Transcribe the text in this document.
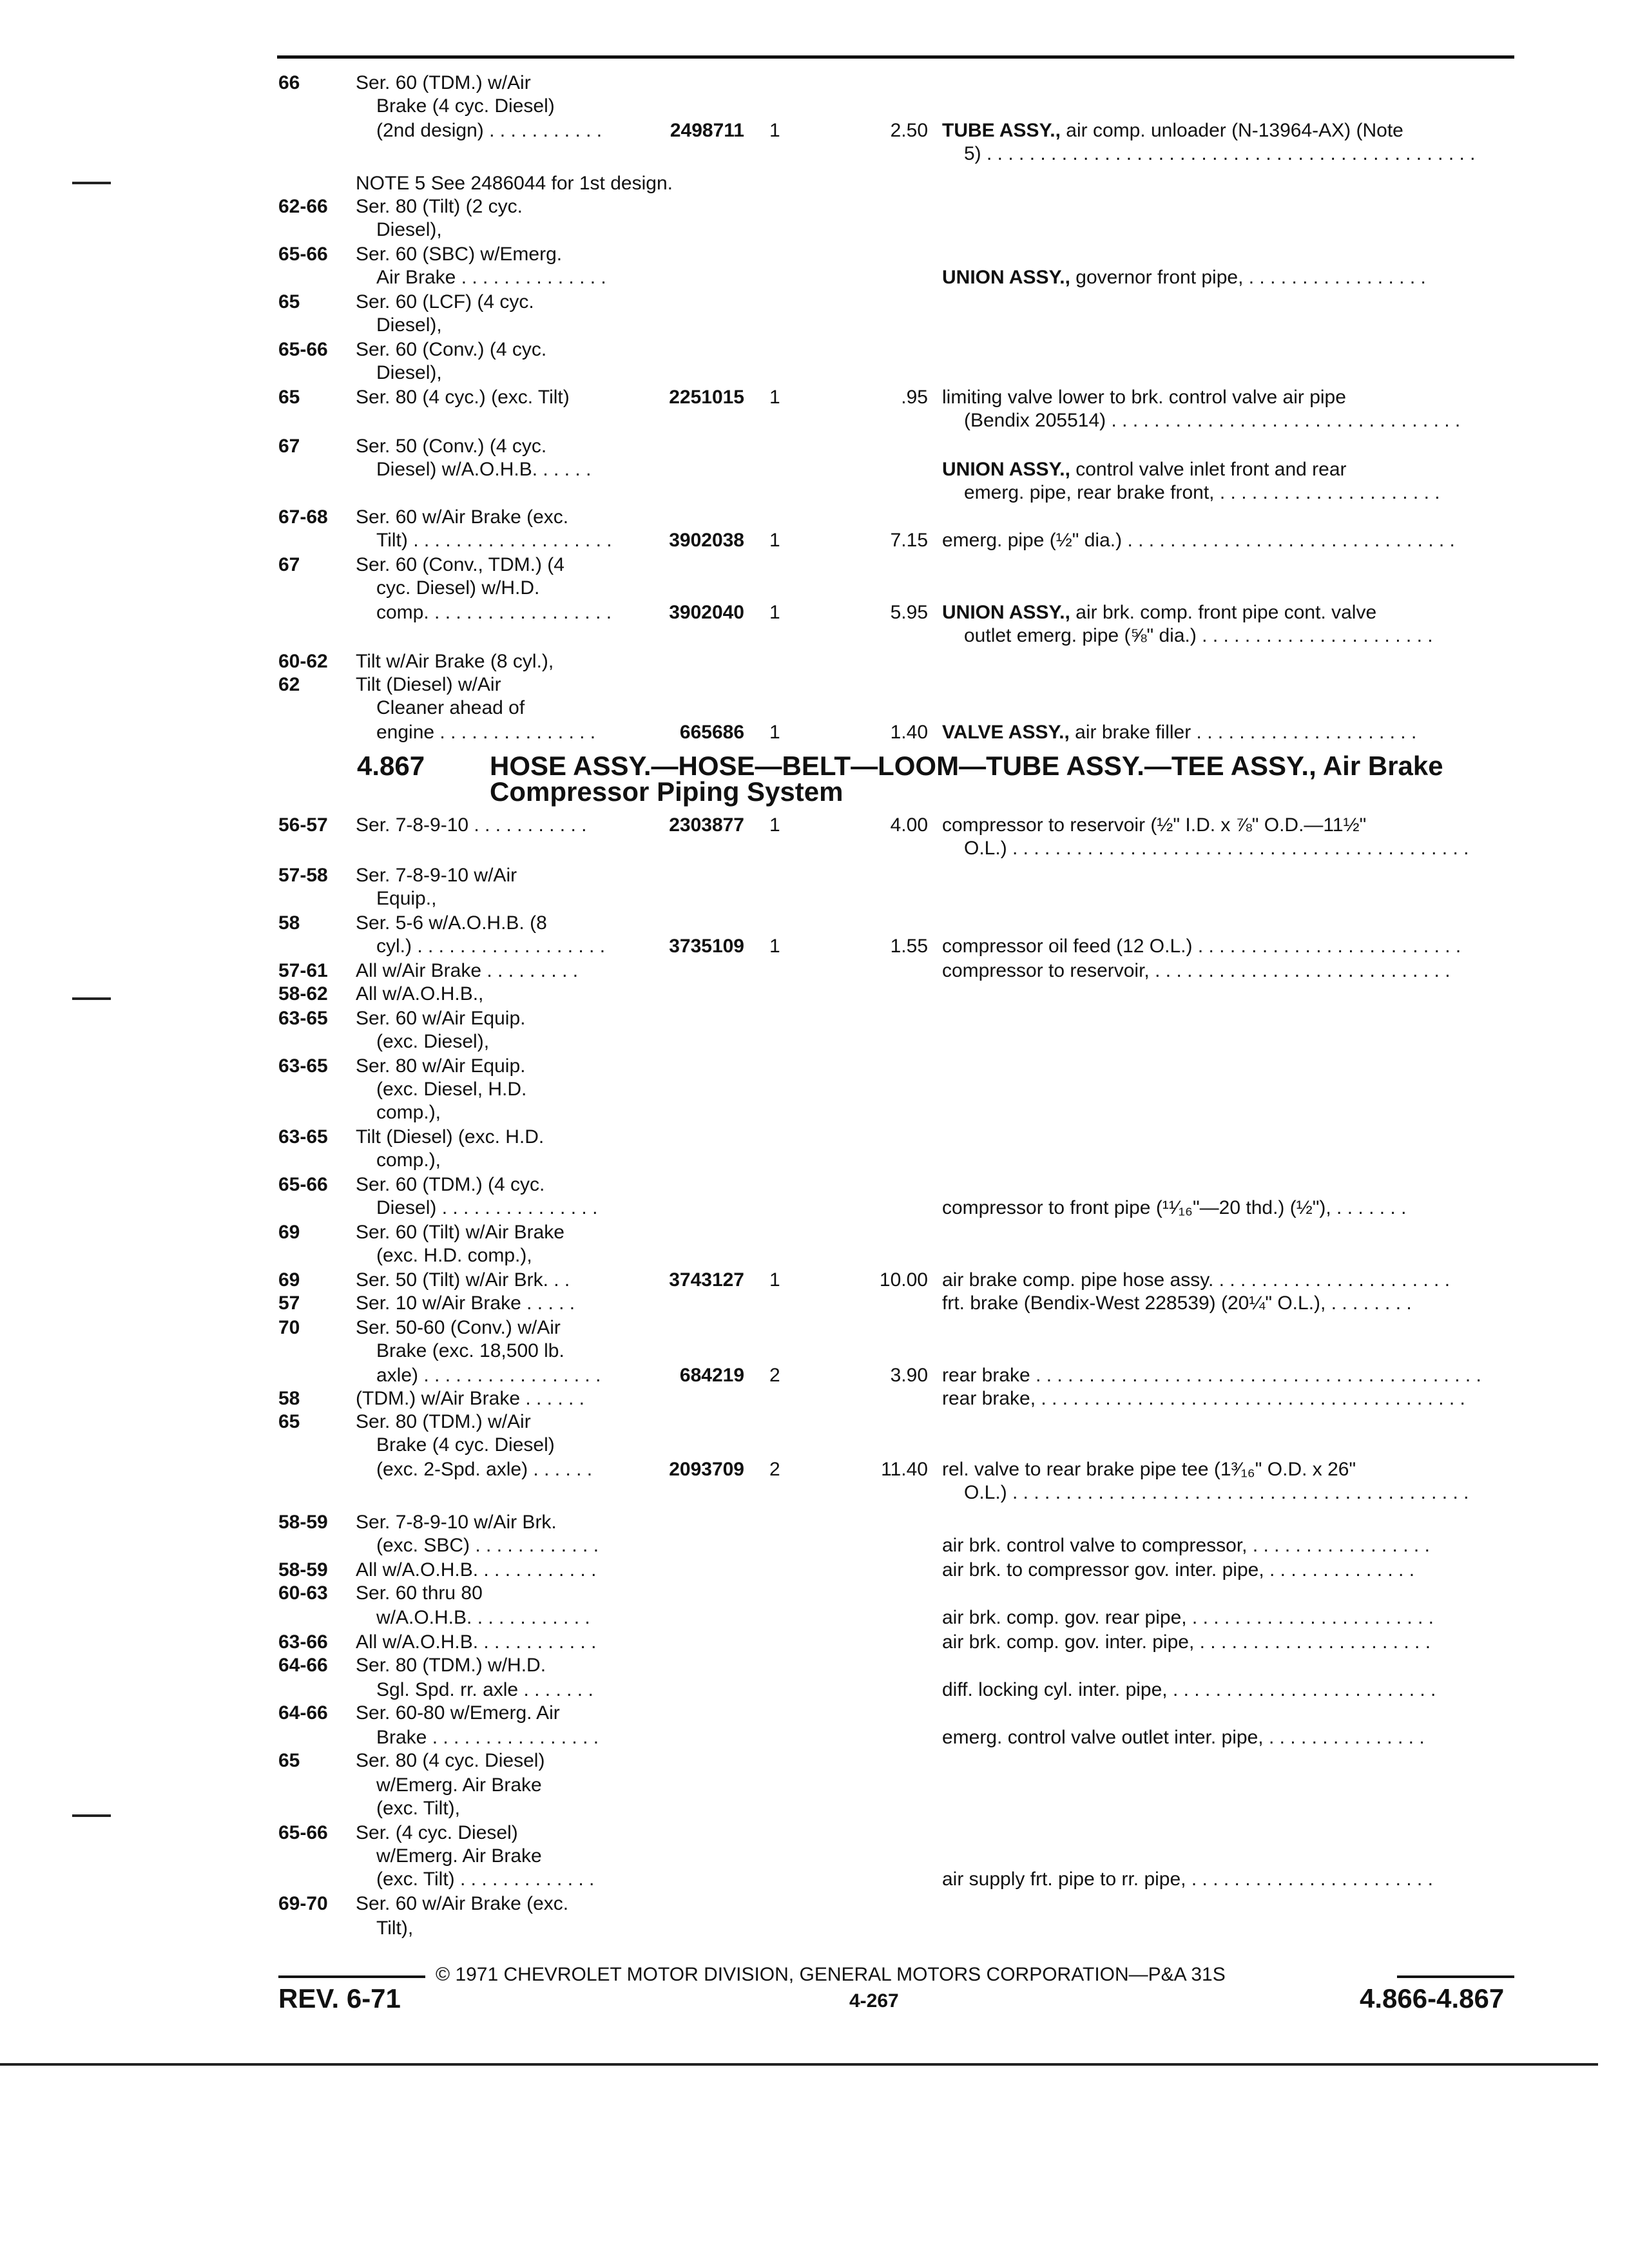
66	Ser. 60 (TDM.) w/Air
Brake (4 cyc. Diesel)
(2nd design) . . . . . . . . . . .	2498711 1	2.50 TUBE ASSY., air comp. unloader (N-13964-AX) (Note
5) . . . . . . . . . . . . . . . . . . . . . . . . . . . . . . . . . . . . . . . . . . . . . .
NOTE 5 See 2486044 for 1st design.
62-66 Ser. 80 (Tilt) (2 cyc.
Diesel),
65-66 Ser. 60 (SBC) w/Emerg.
Air Brake . . . . . . . . . . . . . .	UNION ASSY., governor front pipe, . . . . . . . . . . . . . . . . .
65	Ser. 60 (LCF) (4 cyc.
Diesel),
65-66 Ser. 60 (Conv.) (4 cyc.
Diesel),
65	Ser. 80 (4 cyc.) (exc. Tilt)	2251015 1	.95 limiting valve lower to brk. control valve air pipe
(Bendix 205514) . . . . . . . . . . . . . . . . . . . . . . . . . . . . . . . . .
67	Ser. 50 (Conv.) (4 cyc.
Diesel) w/A.O.H.B. . . . . .	UNION ASSY., control valve inlet front and rear
emerg. pipe, rear brake front, . . . . . . . . . . . . . . . . . . . . .
67-68 Ser. 60 w/Air Brake (exc.
Tilt) . . . . . . . . . . . . . . . . . . .	3902038 1	7.15 emerg. pipe (½" dia.) . . . . . . . . . . . . . . . . . . . . . . . . . . . . . . .
67	Ser. 60 (Conv., TDM.) (4
cyc. Diesel) w/H.D.
comp. . . . . . . . . . . . . . . . . .	3902040 1	5.95 UNION ASSY., air brk. comp. front pipe cont. valve
outlet emerg. pipe (⅝" dia.) . . . . . . . . . . . . . . . . . . . . . .
60-62 Tilt w/Air Brake (8 cyl.),
62	Tilt (Diesel) w/Air
Cleaner ahead of
engine . . . . . . . . . . . . . . .	665686 1	1.40 VALVE ASSY., air brake filler . . . . . . . . . . . . . . . . . . . . .
56-57 Ser. 7-8-9-10 . . . . . . . . . . .	2303877 1	4.00 compressor to reservoir (½" I.D. x ⅞" O.D.—11½"
O.L.) . . . . . . . . . . . . . . . . . . . . . . . . . . . . . . . . . . . . . . . . . . .
57-58 Ser. 7-8-9-10 w/Air
Equip.,
58	Ser. 5-6 w/A.O.H.B. (8
cyl.) . . . . . . . . . . . . . . . . . .	3735109 1	1.55 compressor oil feed (12 O.L.) . . . . . . . . . . . . . . . . . . . . . . . . .
57-61 All w/Air Brake . . . . . . . . .	compressor to reservoir, . . . . . . . . . . . . . . . . . . . . . . . . . . . .
58-62 All w/A.O.H.B.,
63-65 Ser. 60 w/Air Equip.
(exc. Diesel),
63-65 Ser. 80 w/Air Equip.
(exc. Diesel, H.D.
comp.),
63-65 Tilt (Diesel) (exc. H.D.
comp.),
65-66 Ser. 60 (TDM.) (4 cyc.
Diesel) . . . . . . . . . . . . . . .	compressor to front pipe (¹¹⁄₁₆"—20 thd.) (½"), . . . . . . .
69	Ser. 60 (Tilt) w/Air Brake
(exc. H.D. comp.),
69	Ser. 50 (Tilt) w/Air Brk. . .	3743127 1	10.00 air brake comp. pipe hose assy. . . . . . . . . . . . . . . . . . . . . . .
57	Ser. 10 w/Air Brake . . . . .	frt. brake (Bendix-West 228539) (20¼" O.L.), . . . . . . . .
70	Ser. 50-60 (Conv.) w/Air
Brake (exc. 18,500 lb.
axle) . . . . . . . . . . . . . . . . .	684219 2	3.90 rear brake . . . . . . . . . . . . . . . . . . . . . . . . . . . . . . . . . . . . . . . . . .
58	(TDM.) w/Air Brake . . . . . .	rear brake, . . . . . . . . . . . . . . . . . . . . . . . . . . . . . . . . . . . . . . . .
65	Ser. 80 (TDM.) w/Air
Brake (4 cyc. Diesel)
(exc. 2-Spd. axle) . . . . . .	2093709 2	11.40 rel. valve to rear brake pipe tee (1³⁄₁₆" O.D. x 26"
O.L.) . . . . . . . . . . . . . . . . . . . . . . . . . . . . . . . . . . . . . . . . . . .
58-59 Ser. 7-8-9-10 w/Air Brk.
(exc. SBC) . . . . . . . . . . . .	air brk. control valve to compressor, . . . . . . . . . . . . . . . . .
58-59 All w/A.O.H.B. . . . . . . . . . . .	air brk. to compressor gov. inter. pipe, . . . . . . . . . . . . . .
60-63 Ser. 60 thru 80
w/A.O.H.B. . . . . . . . . . . .	air brk. comp. gov. rear pipe, . . . . . . . . . . . . . . . . . . . . . . .
63-66 All w/A.O.H.B. . . . . . . . . . . .	air brk. comp. gov. inter. pipe, . . . . . . . . . . . . . . . . . . . . . .
64-66 Ser. 80 (TDM.) w/H.D.
Sgl. Spd. rr. axle . . . . . . .	diff. locking cyl. inter. pipe, . . . . . . . . . . . . . . . . . . . . . . . . .
64-66 Ser. 60-80 w/Emerg. Air
Brake . . . . . . . . . . . . . . . .	emerg. control valve outlet inter. pipe, . . . . . . . . . . . . . . .
65	Ser. 80 (4 cyc. Diesel)
w/Emerg. Air Brake
(exc. Tilt),
65-66 Ser. (4 cyc. Diesel)
w/Emerg. Air Brake
(exc. Tilt) . . . . . . . . . . . . .	air supply frt. pipe to rr. pipe, . . . . . . . . . . . . . . . . . . . . . . .
69-70 Ser. 60 w/Air Brake (exc.
Tilt),
4.867 HOSE ASSY.—HOSE—BELT—LOOM—TUBE ASSY.—TEE ASSY., Air Brake
Compressor Piping System
© 1971 CHEVROLET MOTOR DIVISION, GENERAL MOTORS CORPORATION—P&A 31S
REV. 6-71	4-267	4.866-4.867
